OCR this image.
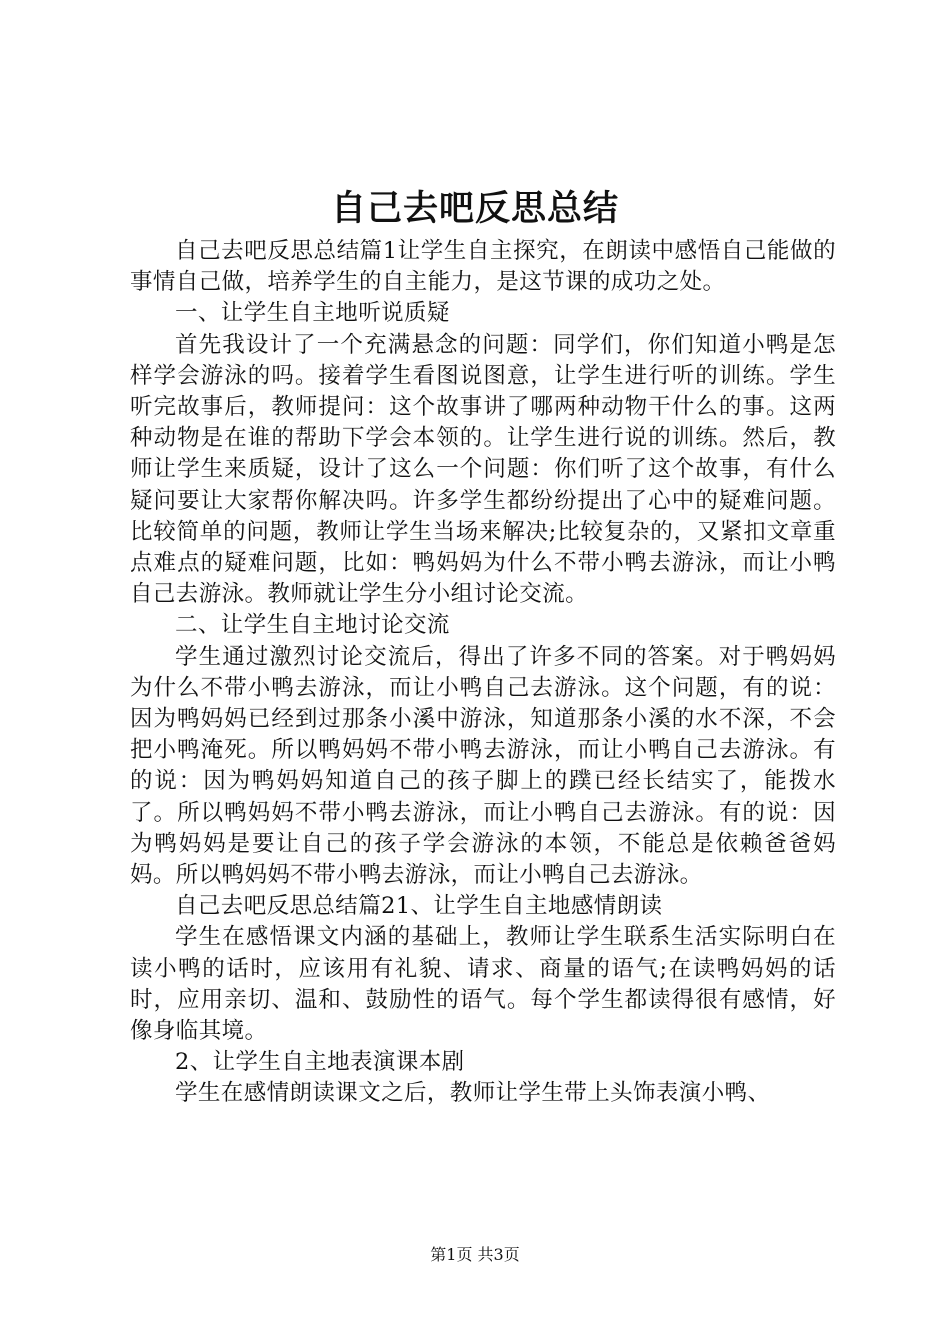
自己去吧反思总结

自己去吧反思总结篇1让学生自主探究，在朗读中感悟自己能做的事情自己做，培养学生的自主能力，是这节课的成功之处。

一、让学生自主地听说质疑

首先我设计了一个充满悬念的问题：同学们，你们知道小鸭是怎样学会游泳的吗。接着学生看图说图意，让学生进行听的训练。学生听完故事后，教师提问：这个故事讲了哪两种动物干什么的事。这两种动物是在谁的帮助下学会本领的。让学生进行说的训练。然后，教师让学生来质疑，设计了这么一个问题：你们听了这个故事，有什么疑问要让大家帮你解决吗。许多学生都纷纷提出了心中的疑难问题。比较简单的问题，教师让学生当场来解决;比较复杂的，又紧扣文章重点难点的疑难问题，比如：鸭妈妈为什么不带小鸭去游泳，而让小鸭自己去游泳。教师就让学生分小组讨论交流。

二、让学生自主地讨论交流

学生通过激烈讨论交流后，得出了许多不同的答案。对于鸭妈妈为什么不带小鸭去游泳，而让小鸭自己去游泳。这个问题，有的说：因为鸭妈妈已经到过那条小溪中游泳，知道那条小溪的水不深，不会把小鸭淹死。所以鸭妈妈不带小鸭去游泳，而让小鸭自己去游泳。有的说：因为鸭妈妈知道自己的孩子脚上的蹼已经长结实了，能拨水了。所以鸭妈妈不带小鸭去游泳，而让小鸭自己去游泳。有的说：因为鸭妈妈是要让自己的孩子学会游泳的本领，不能总是依赖爸爸妈妈。所以鸭妈妈不带小鸭去游泳，而让小鸭自己去游泳。

自己去吧反思总结篇21、让学生自主地感情朗读

学生在感悟课文内涵的基础上，教师让学生联系生活实际明白在读小鸭的话时，应该用有礼貌、请求、商量的语气;在读鸭妈妈的话时，应用亲切、温和、鼓励性的语气。每个学生都读得很有感情，好像身临其境。

2、让学生自主地表演课本剧

学生在感情朗读课文之后，教师让学生带上头饰表演小鸭、

第1页 共3页
